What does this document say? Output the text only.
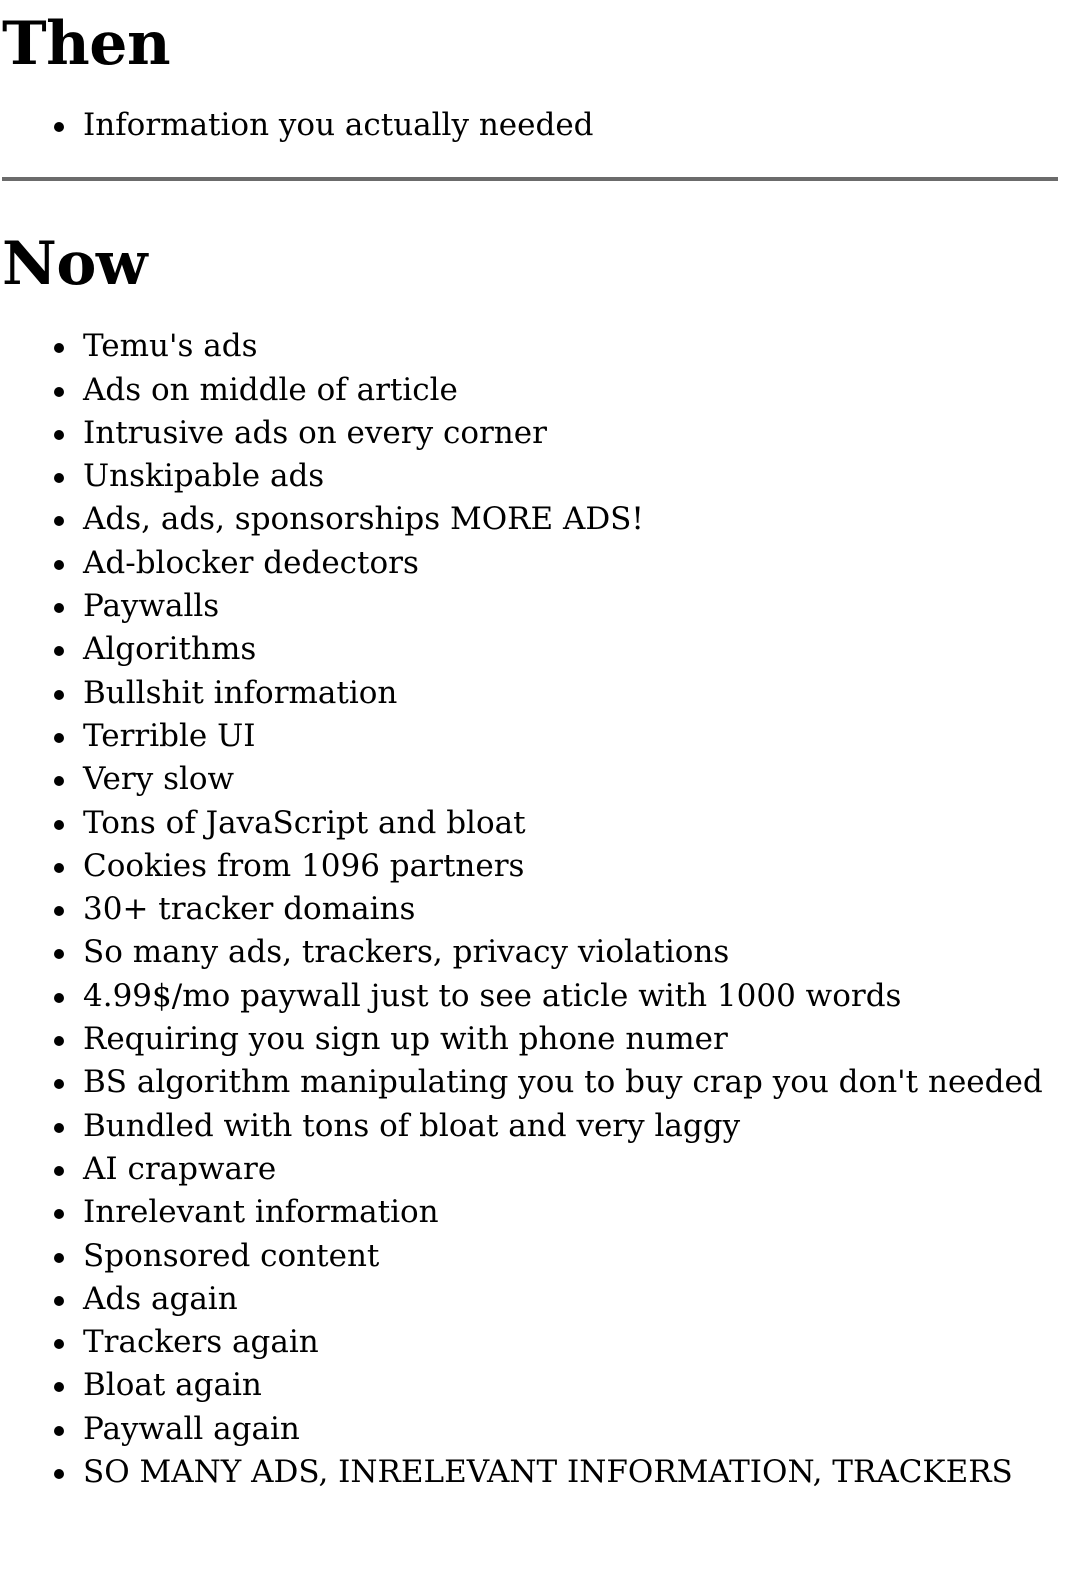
Then
Information you actually needed
Now
Temu's ads
Ads on middle of article
Intrusive ads on every corner
Unskipable ads
Ads, ads, sponsorships MORE ADS!
Ad-blocker dedectors
Paywalls
Algorithms
Bullshit information
Terrible UI
Very slow
Tons of JavaScript and bloat
Cookies from 1096 partners
30+ tracker domains
So many ads, trackers, privacy violations
4.99$/mo paywall just to see aticle with 1000 words
Requiring you sign up with phone numer
BS algorithm manipulating you to buy crap you don't needed
Bundled with tons of bloat and very laggy
AI crapware
Inrelevant information
Sponsored content
Ads again
Trackers again
Bloat again
Paywall again
SO MANY ADS, INRELEVANT INFORMATION, TRACKERS
